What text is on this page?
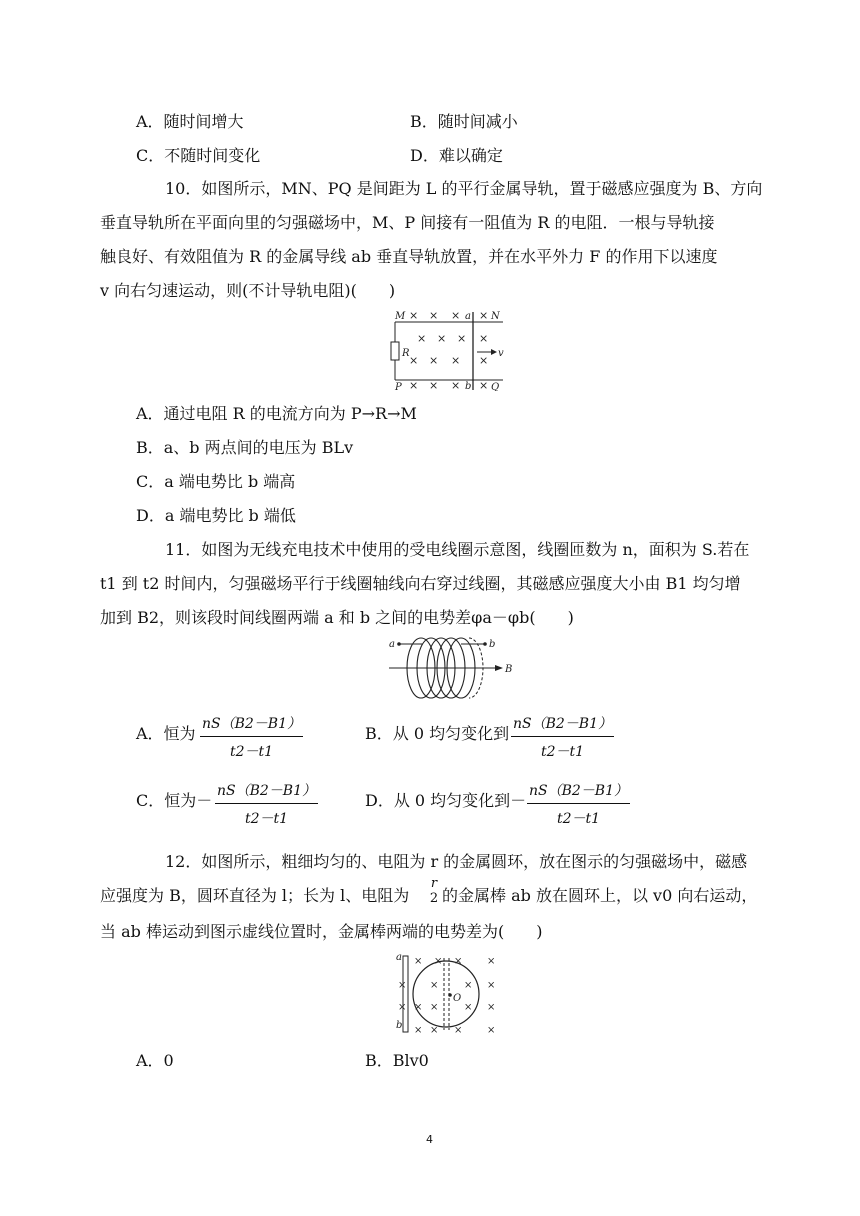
A．随时间增大	B．随时间减小
C．不随时间变化	D．难以确定
10．如图所示，MN、PQ 是间距为 L 的平行金属导轨，置于磁感应强度为 B、方向
垂直导轨所在平面向里的匀强磁场中，M、P 间接有一阻值为 R 的电阻．一根与导轨接
触良好、有效阻值为 R 的金属导线 ab 垂直导轨放置，并在水平外力 F 的作用下以速度
v 向右匀速运动，则(不计导轨电阻)(　　)
× × × ×
× × × ×
× × × ×
× × × ×
M	N
P	Q
a
b
R	v
A．通过电阻 R 的电流方向为 P→R→M
B．a、b 两点间的电压为 BLv
C．a 端电势比 b 端高
D．a 端电势比 b 端低
11．如图为无线充电技术中使用的受电线圈示意图，线圈匝数为 n，面积为 S.若在
t1 到 t2 时间内，匀强磁场平行于线圈轴线向右穿过线圈，其磁感应强度大小由 B1 均匀增
加到 B2，则该段时间线圈两端 a 和 b 之间的电势差φa－φb(　　)
a	b
B
A．恒为 nS（B2－B1）
t2－t1
B．从 0 均匀变化到 nS（B2－B1）
t2－t1
C．恒为－ nS（B2－B1）
t2－t1
D．从 0 均匀变化到－ nS（B2－B1）
t2－t1
12．如图所示，粗细均匀的、电阻为 r 的金属圆环，放在图示的匀强磁场中，磁感
应强度为 B，圆环直径为 l；长为 l、电阻为
r
2 的金属棒 ab 放在圆环上，以 v0 向右运动，
当 ab 棒运动到图示虚线位置时，金属棒两端的电势差为(　　)
× × × ×
× ×	× ×
× × ×	× ×
× × × ×
a
b
O
A．0	B．Blv0
4
